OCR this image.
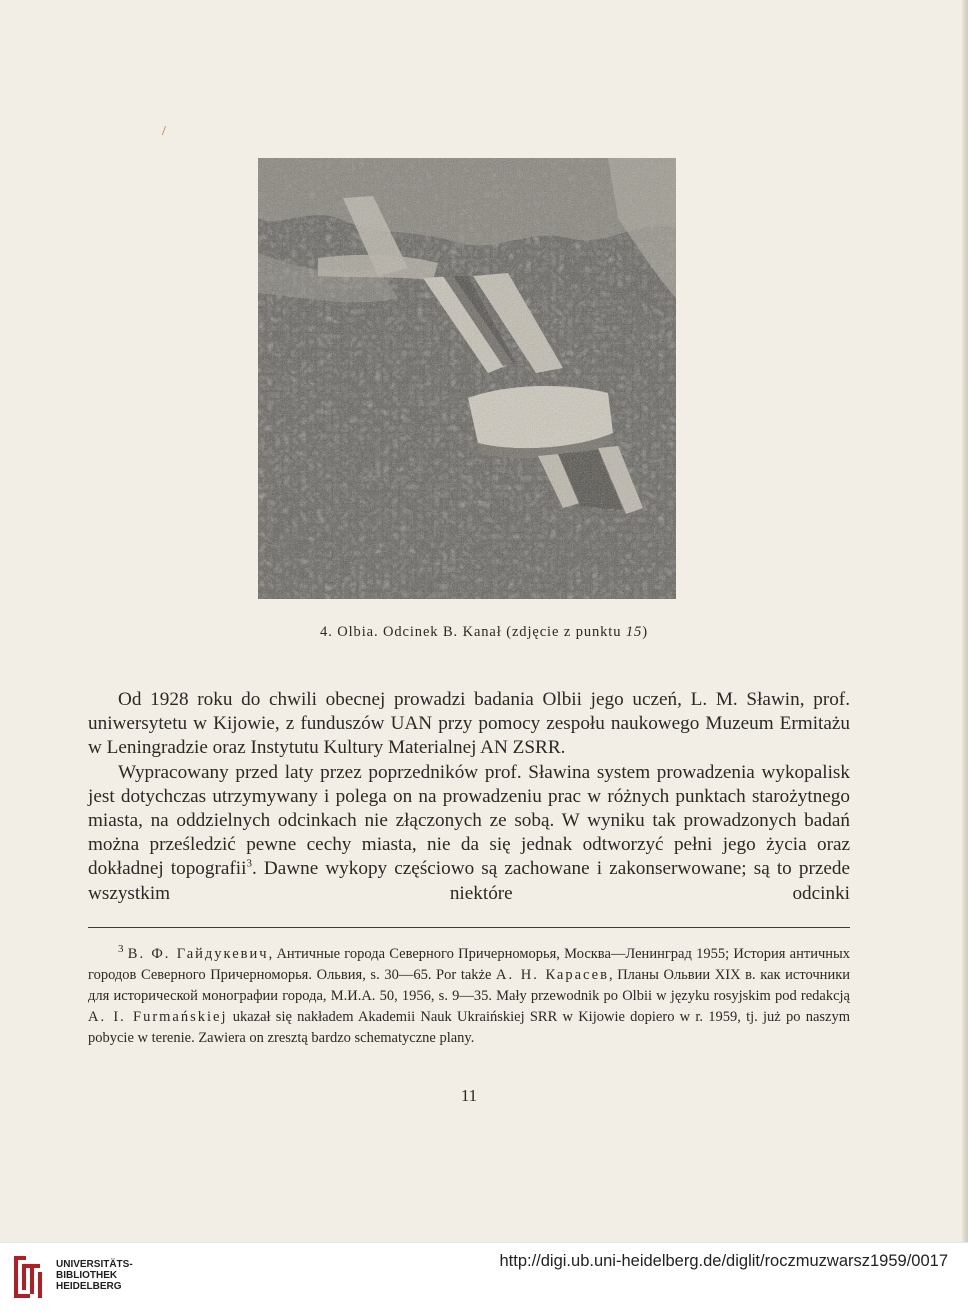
/
4. Olbia. Odcinek B. Kanał (zdjęcie z punktu 15)

Od 1928 roku do chwili obecnej prowadzi badania Olbii jego uczeń, L. M. Sławin, prof. uniwersytetu w Kijowie, z funduszów UAN przy pomocy zespołu naukowego Muzeum Ermitażu w Leningradzie oraz Instytutu Kultury Materialnej AN ZSRR.

Wypracowany przed laty przez poprzedników prof. Sławina system prowadzenia wykopalisk jest dotychczas utrzymywany i polega on na prowadzeniu prac w różnych punktach starożytnego miasta, na oddzielnych odcinkach nie złączonych ze sobą. W wyniku tak prowadzonych badań można prześledzić pewne cechy miasta, nie da się jednak odtworzyć pełni jego życia oraz dokładnej topografii$^3$. Dawne wykopy częściowo są zachowane i zakonserwowane; są to przede wszystkim niektóre odcinki

$^3$ В. Ф. Гайдукевич, Античные города Северного Причерноморья, Москва—Ленинград 1955; История античных городов Северного Причерноморья. Ольвия, s. 30—65. Por także А. Н. Карасев, Планы Ольвии XIX в. как источники для исторической монографии города, М.И.А. 50, 1956, s. 9—35. Mały przewodnik po Olbii w języku rosyjskim pod redakcją A. I. Furmańskiej ukazał się nakładem Akademii Nauk Ukraińskiej SRR w Kijowie dopiero w r. 1959, tj. już po naszym pobycie w terenie. Zawiera on zresztą bardzo schematyczne plany.

11
UNIVERSITÄTS-
BIBLIOTHEK
HEIDELBERG
http://digi.ub.uni-heidelberg.de/diglit/roczmuzwarsz1959/0017
